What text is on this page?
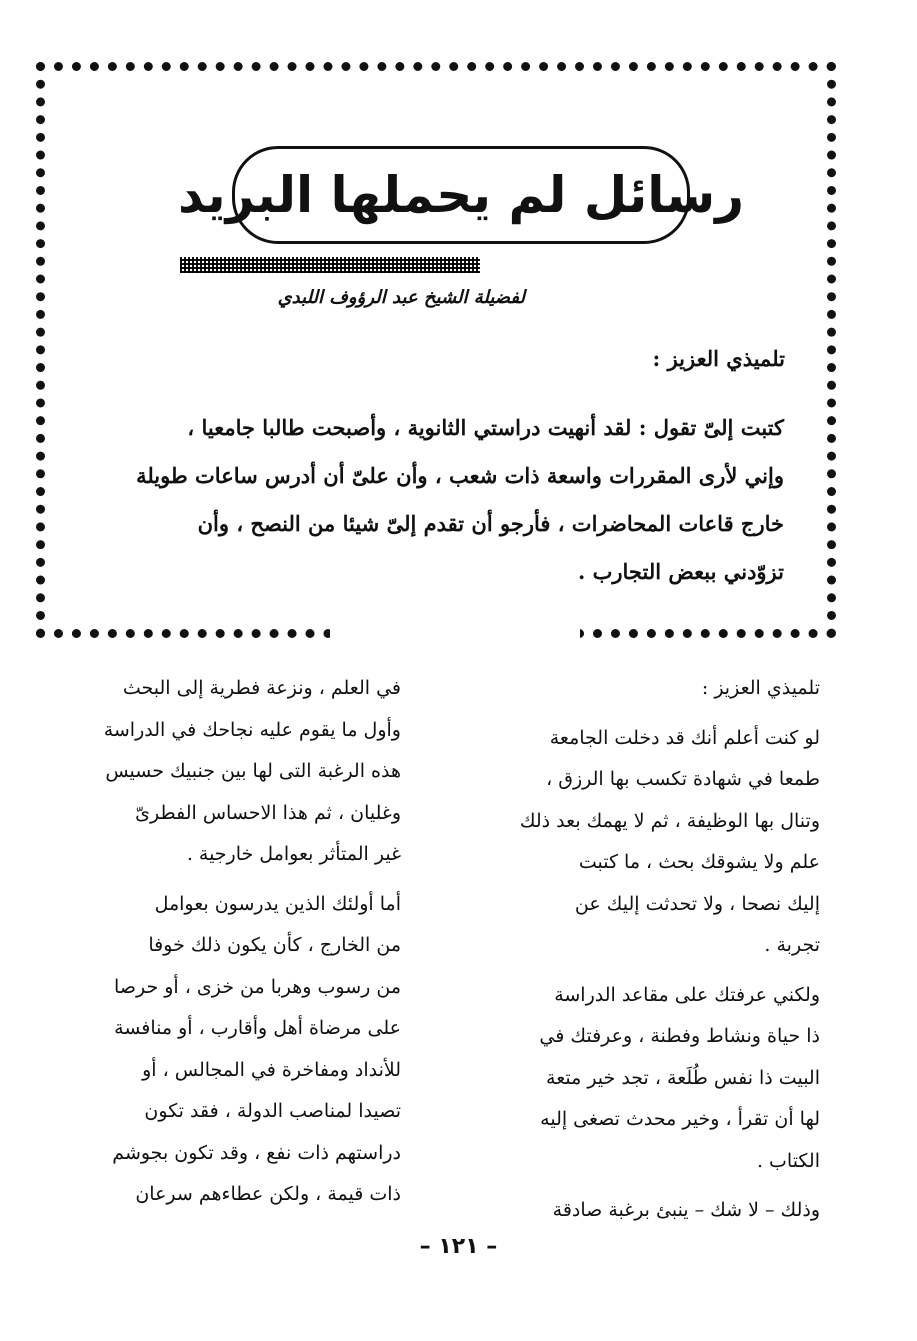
رسائل لم يحملها البريد
لفضيلة الشيخ عبد الرؤوف اللبدي
تلميذي العزيز :
كتبت إلىّ تقول : لقد أنهيت دراستي الثانوية ، وأصبحت طالبا جامعيا ،
وإني لأرى المقررات واسعة ذات شعب ، وأن علىّ أن أدرس ساعات طويلة
خارج قاعات المحاضرات ، فأرجو أن تقدم إلىّ شيئا من النصح ، وأن
تزوّدني ببعض التجارب .
تلميذي العزيز :
لو كنت أعلم أنك قد دخلت الجامعة
طمعا في شهادة تكسب بها الرزق ،
وتنال بها الوظيفة ، ثم لا يهمك بعد ذلك
علم ولا يشوقك بحث ، ما كتبت
إليك نصحا ، ولا تحدثت إليك عن
تجربة .
ولكني عرفتك على مقاعد الدراسة
ذا حياة ونشاط وفطنة ، وعرفتك في
البيت ذا نفس طُلَعة ، تجد خير متعة
لها أن تقرأ ، وخير محدث تصغى إليه
الكتاب .
وذلك – لا شك – ينبئ برغبة صادقة
في العلم ، ونزعة فطرية إلى البحث
وأول ما يقوم عليه نجاحك في الدراسة
هذه الرغبة التى لها بين جنبيك حسيس
وغليان ، ثم هذا الاحساس الفطرىّ
غير المتأثر بعوامل خارجية .
أما أولئك الذين يدرسون بعوامل
من الخارج ، كأن يكون ذلك خوفا
من رسوب وهربا من خزى ، أو حرصا
على مرضاة أهل وأقارب ، أو منافسة
للأنداد ومفاخرة في المجالس ، أو
تصيدا لمناصب الدولة ، فقد تكون
دراستهم ذات نفع ، وقد تكون بجوشم
ذات قيمة ، ولكن عطاءهم سرعان
– ١٢١ –
